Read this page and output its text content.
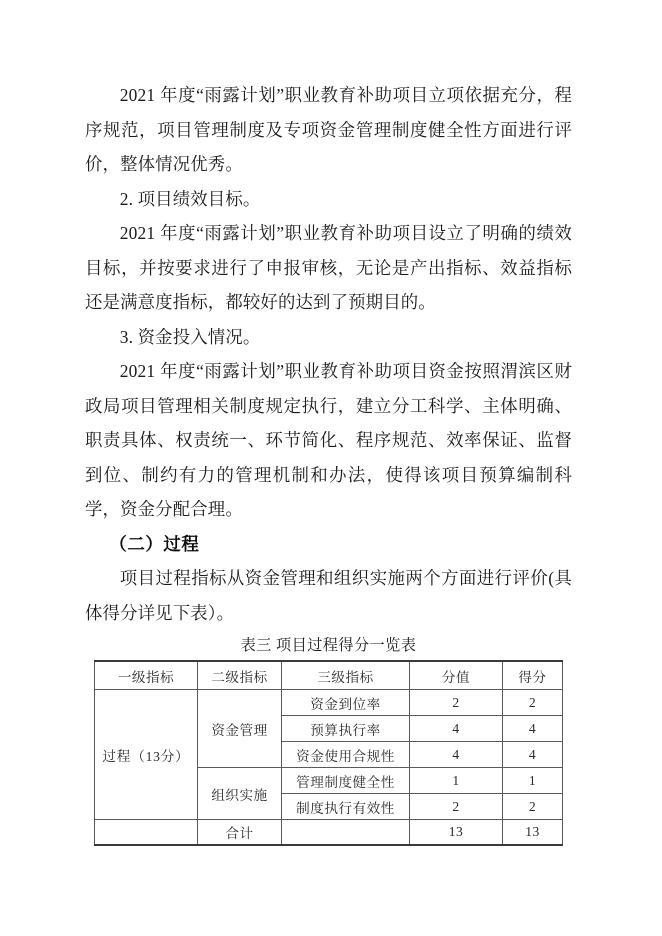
2021 年度“雨露计划”职业教育补助项目立项依据充分，程序规范，项目管理制度及专项资金管理制度健全性方面进行评价，整体情况优秀。

2. 项目绩效目标。

2021 年度“雨露计划”职业教育补助项目设立了明确的绩效目标，并按要求进行了申报审核，无论是产出指标、效益指标还是满意度指标，都较好的达到了预期目的。

3. 资金投入情况。

2021 年度“雨露计划”职业教育补助项目资金按照渭滨区财政局项目管理相关制度规定执行，建立分工科学、主体明确、职责具体、权责统一、环节简化、程序规范、效率保证、监督到位、制约有力的管理机制和办法，使得该项目预算编制科学，资金分配合理。

（二）过程

项目过程指标从资金管理和组织实施两个方面进行评价(具体得分详见下表）。

表三 项目过程得分一览表

一级指标	二级指标	三级指标	分值	得分
过程（13分）	资金管理	资金到位率	2	2
		预算执行率	4	4
		资金使用合规性	4	4
	组织实施	管理制度健全性	1	1
		制度执行有效性	2	2
	合计		13	13
